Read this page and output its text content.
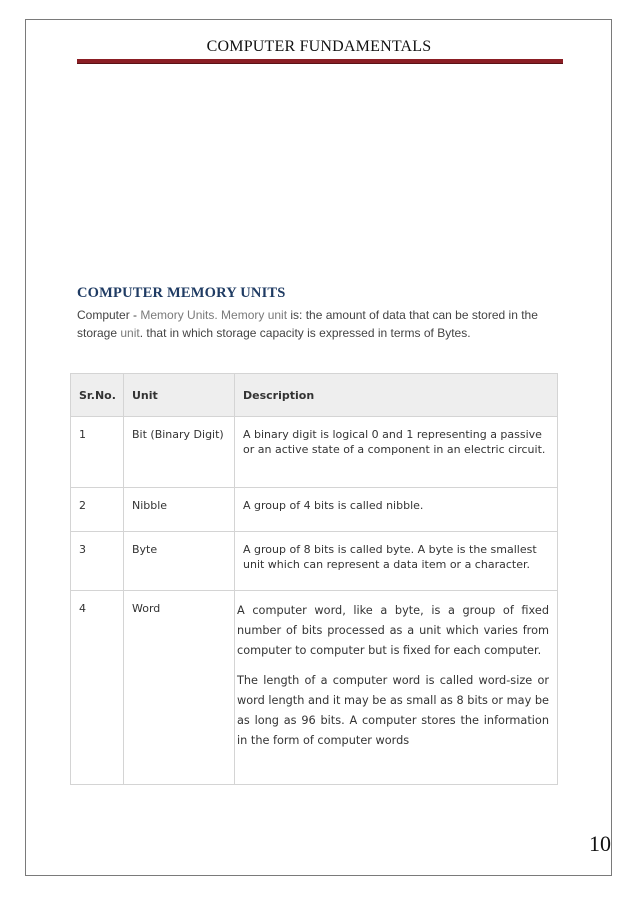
COMPUTER FUNDAMENTALS
COMPUTER MEMORY UNITS
Computer - Memory Units. Memory unit is: the amount of data that can be stored in the storage unit. that in which storage capacity is expressed in terms of Bytes.
Sr.No.	Unit	Description
1	Bit (Binary Digit)	A binary digit is logical 0 and 1 representing a passive or an active state of a component in an electric circuit.
2	Nibble	A group of 4 bits is called nibble.
3	Byte	A group of 8 bits is called byte. A byte is the smallest unit which can represent a data item or a character.
4	Word	A computer word, like a byte, is a group of fixed number of bits processed as a unit which varies from computer to computer but is fixed for each computer.

The length of a computer word is called word-size or word length and it may be as small as 8 bits or may be as long as 96 bits. A computer stores the information in the form of computer words

10
